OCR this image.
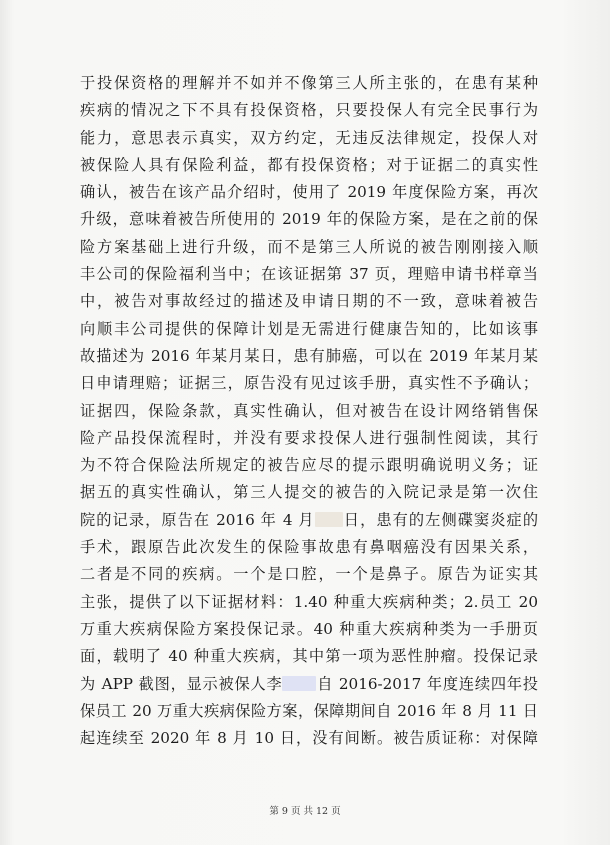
于投保资格的理解并不如并不像第三人所主张的，在患有某种
疾病的情况之下不具有投保资格，只要投保人有完全民事行为
能力，意思表示真实，双方约定，无违反法律规定，投保人对
被保险人具有保险利益，都有投保资格；对于证据二的真实性
确认，被告在该产品介绍时，使用了 2019 年度保险方案，再次
升级，意味着被告所使用的 2019 年的保险方案，是在之前的保
险方案基础上进行升级，而不是第三人所说的被告刚刚接入顺
丰公司的保险福利当中；在该证据第 37 页，理赔申请书样章当
中，被告对事故经过的描述及申请日期的不一致，意味着被告
向顺丰公司提供的保障计划是无需进行健康告知的，比如该事
故描述为 2016 年某月某日，患有肺癌，可以在 2019 年某月某
日申请理赔；证据三，原告没有见过该手册，真实性不予确认；
证据四，保险条款，真实性确认，但对被告在设计网络销售保
险产品投保流程时，并没有要求投保人进行强制性阅读，其行
为不符合保险法所规定的被告应尽的提示跟明确说明义务；证
据五的真实性确认，第三人提交的被告的入院记录是第一次住
院的记录，原告在 2016 年 4 月 日，患有的左侧碟窦炎症的
手术，跟原告此次发生的保险事故患有鼻咽癌没有因果关系，
二者是不同的疾病。一个是口腔，一个是鼻子。原告为证实其
主张，提供了以下证据材料：1.40 种重大疾病种类；2.员工 20
万重大疾病保险方案投保记录。40 种重大疾病种类为一手册页
面，载明了 40 种重大疾病，其中第一项为恶性肿瘤。投保记录
为 APP 截图，显示被保人李 自 2016-2017 年度连续四年投
保员工 20 万重大疾病保险方案，保障期间自 2016 年 8 月 11 日
起连续至 2020 年 8 月 10 日，没有间断。被告质证称：对保障
第 9 页 共 12 页
